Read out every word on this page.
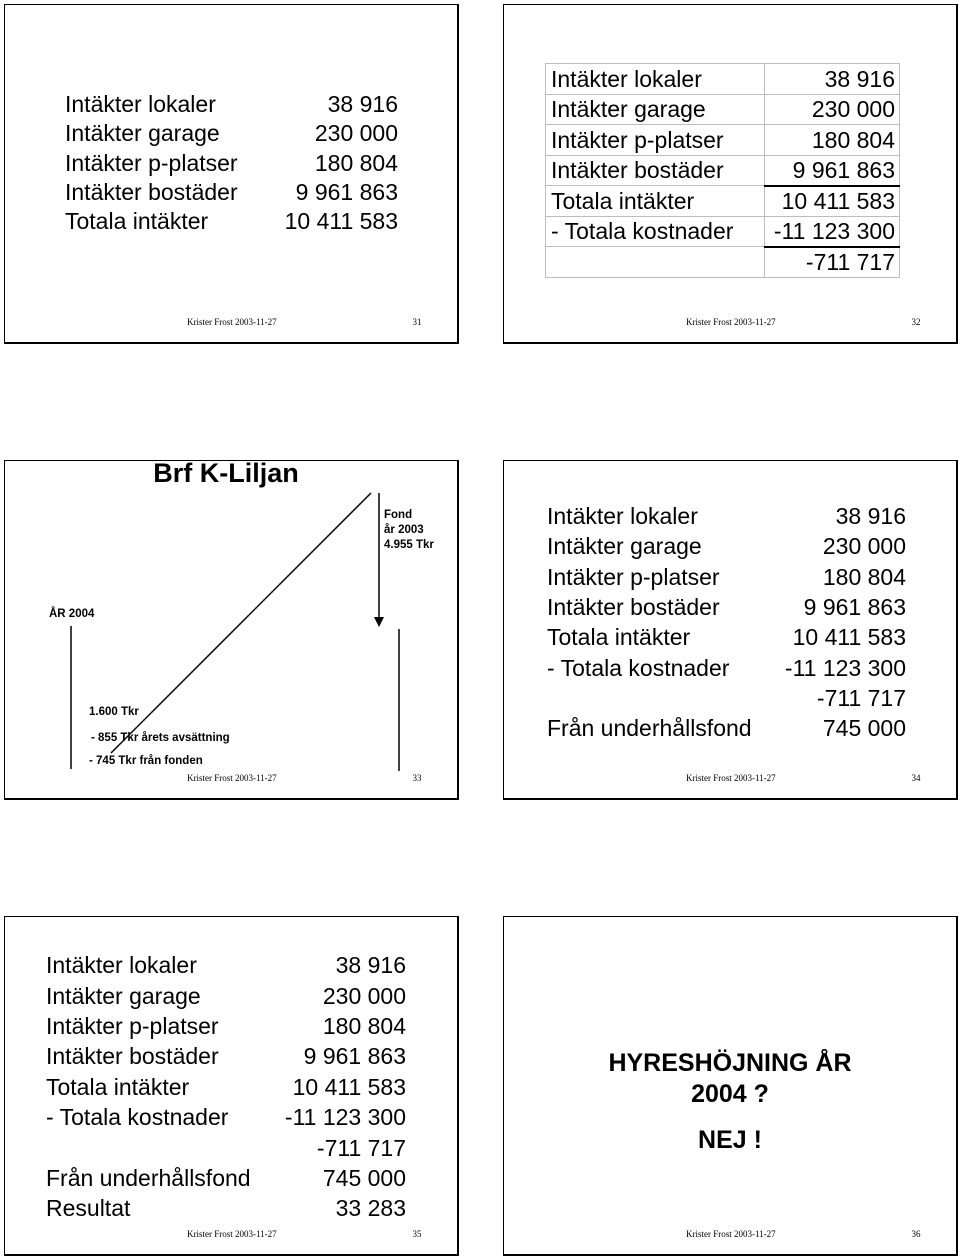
Intäkter lokaler	38 916
Intäkter garage	230 000
Intäkter p-platser	180 804
Intäkter bostäder	9 961 863
Totala intäkter	10 411 583
Krister Frost 2003-11-27	31
Intäkter lokaler	38 916
Intäkter garage	230 000
Intäkter p-platser	180 804
Intäkter bostäder	9 961 863
Totala intäkter	10 411 583
- Totala kostnader	-11 123 300
	-711 717
Krister Frost 2003-11-27	32
Brf K-Liljan
ÅR 2004
Fond
år 2003
4.955 Tkr
1.600 Tkr
- 855 Tkr årets avsättning
- 745 Tkr från fonden
Krister Frost 2003-11-27	33
Intäkter lokaler	38 916
Intäkter garage	230 000
Intäkter p-platser	180 804
Intäkter bostäder	9 961 863
Totala intäkter	10 411 583
- Totala kostnader	-11 123 300
	-711 717
Från underhållsfond	745 000
Krister Frost 2003-11-27	34
Intäkter lokaler	38 916
Intäkter garage	230 000
Intäkter p-platser	180 804
Intäkter bostäder	9 961 863
Totala intäkter	10 411 583
- Totala kostnader	-11 123 300
	-711 717
Från underhållsfond	745 000
Resultat	33 283
Krister Frost 2003-11-27	35
HYRESHÖJNING ÅR
2004 ?
NEJ !
Krister Frost 2003-11-27	36
